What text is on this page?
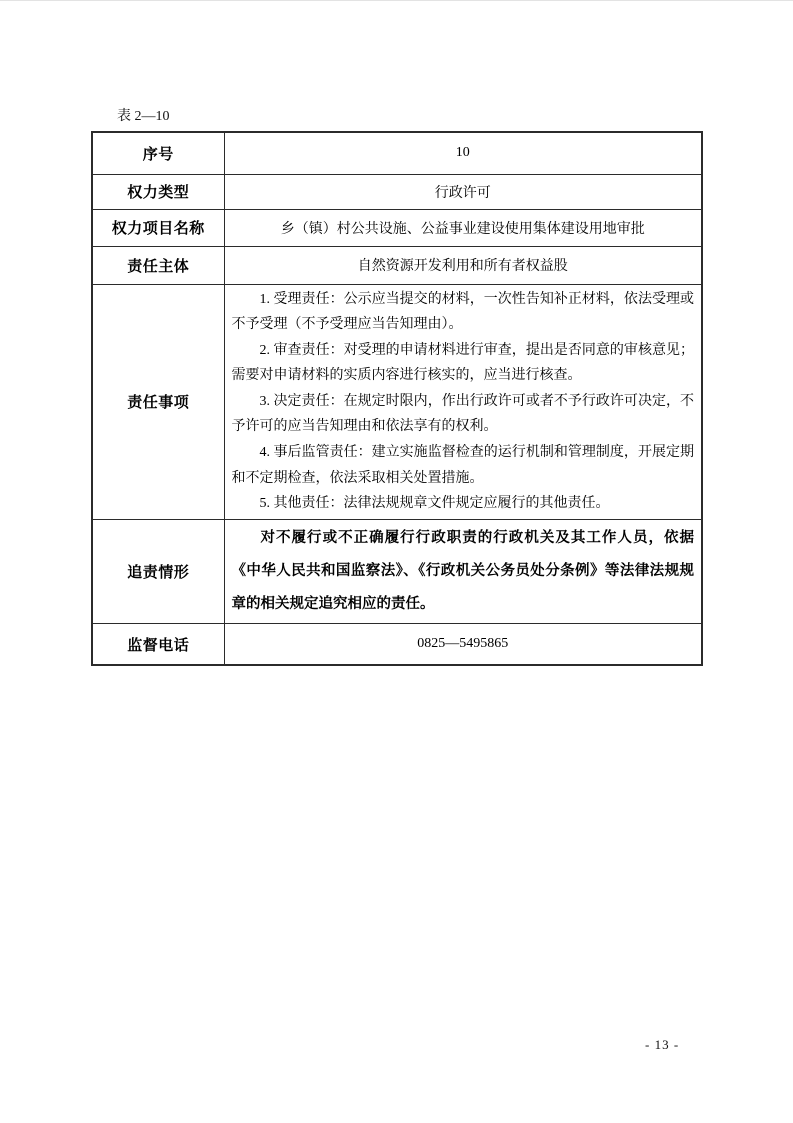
表 2—10
序号	10
权力类型	行政许可
权力项目名称	乡（镇）村公共设施、公益事业建设使用集体建设用地审批
责任主体	自然资源开发利用和所有者权益股
责任事项	1. 受理责任：公示应当提交的材料，一次性告知补正材料，依法受理或不予受理（不予受理应当告知理由）。

2. 审查责任：对受理的申请材料进行审查，提出是否同意的审核意见；需要对申请材料的实质内容进行核实的，应当进行核查。

3. 决定责任：在规定时限内，作出行政许可或者不予行政许可决定，不予许可的应当告知理由和依法享有的权利。

4. 事后监管责任：建立实施监督检查的运行机制和管理制度，开展定期和不定期检查，依法采取相关处置措施。

5. 其他责任：法律法规规章文件规定应履行的其他责任。

追责情形	对不履行或不正确履行行政职责的行政机关及其工作人员，依据《中华人民共和国监察法》、《行政机关公务员处分条例》等法律法规规章的相关规定追究相应的责任。
监督电话	0825—5495865
- 13 -
